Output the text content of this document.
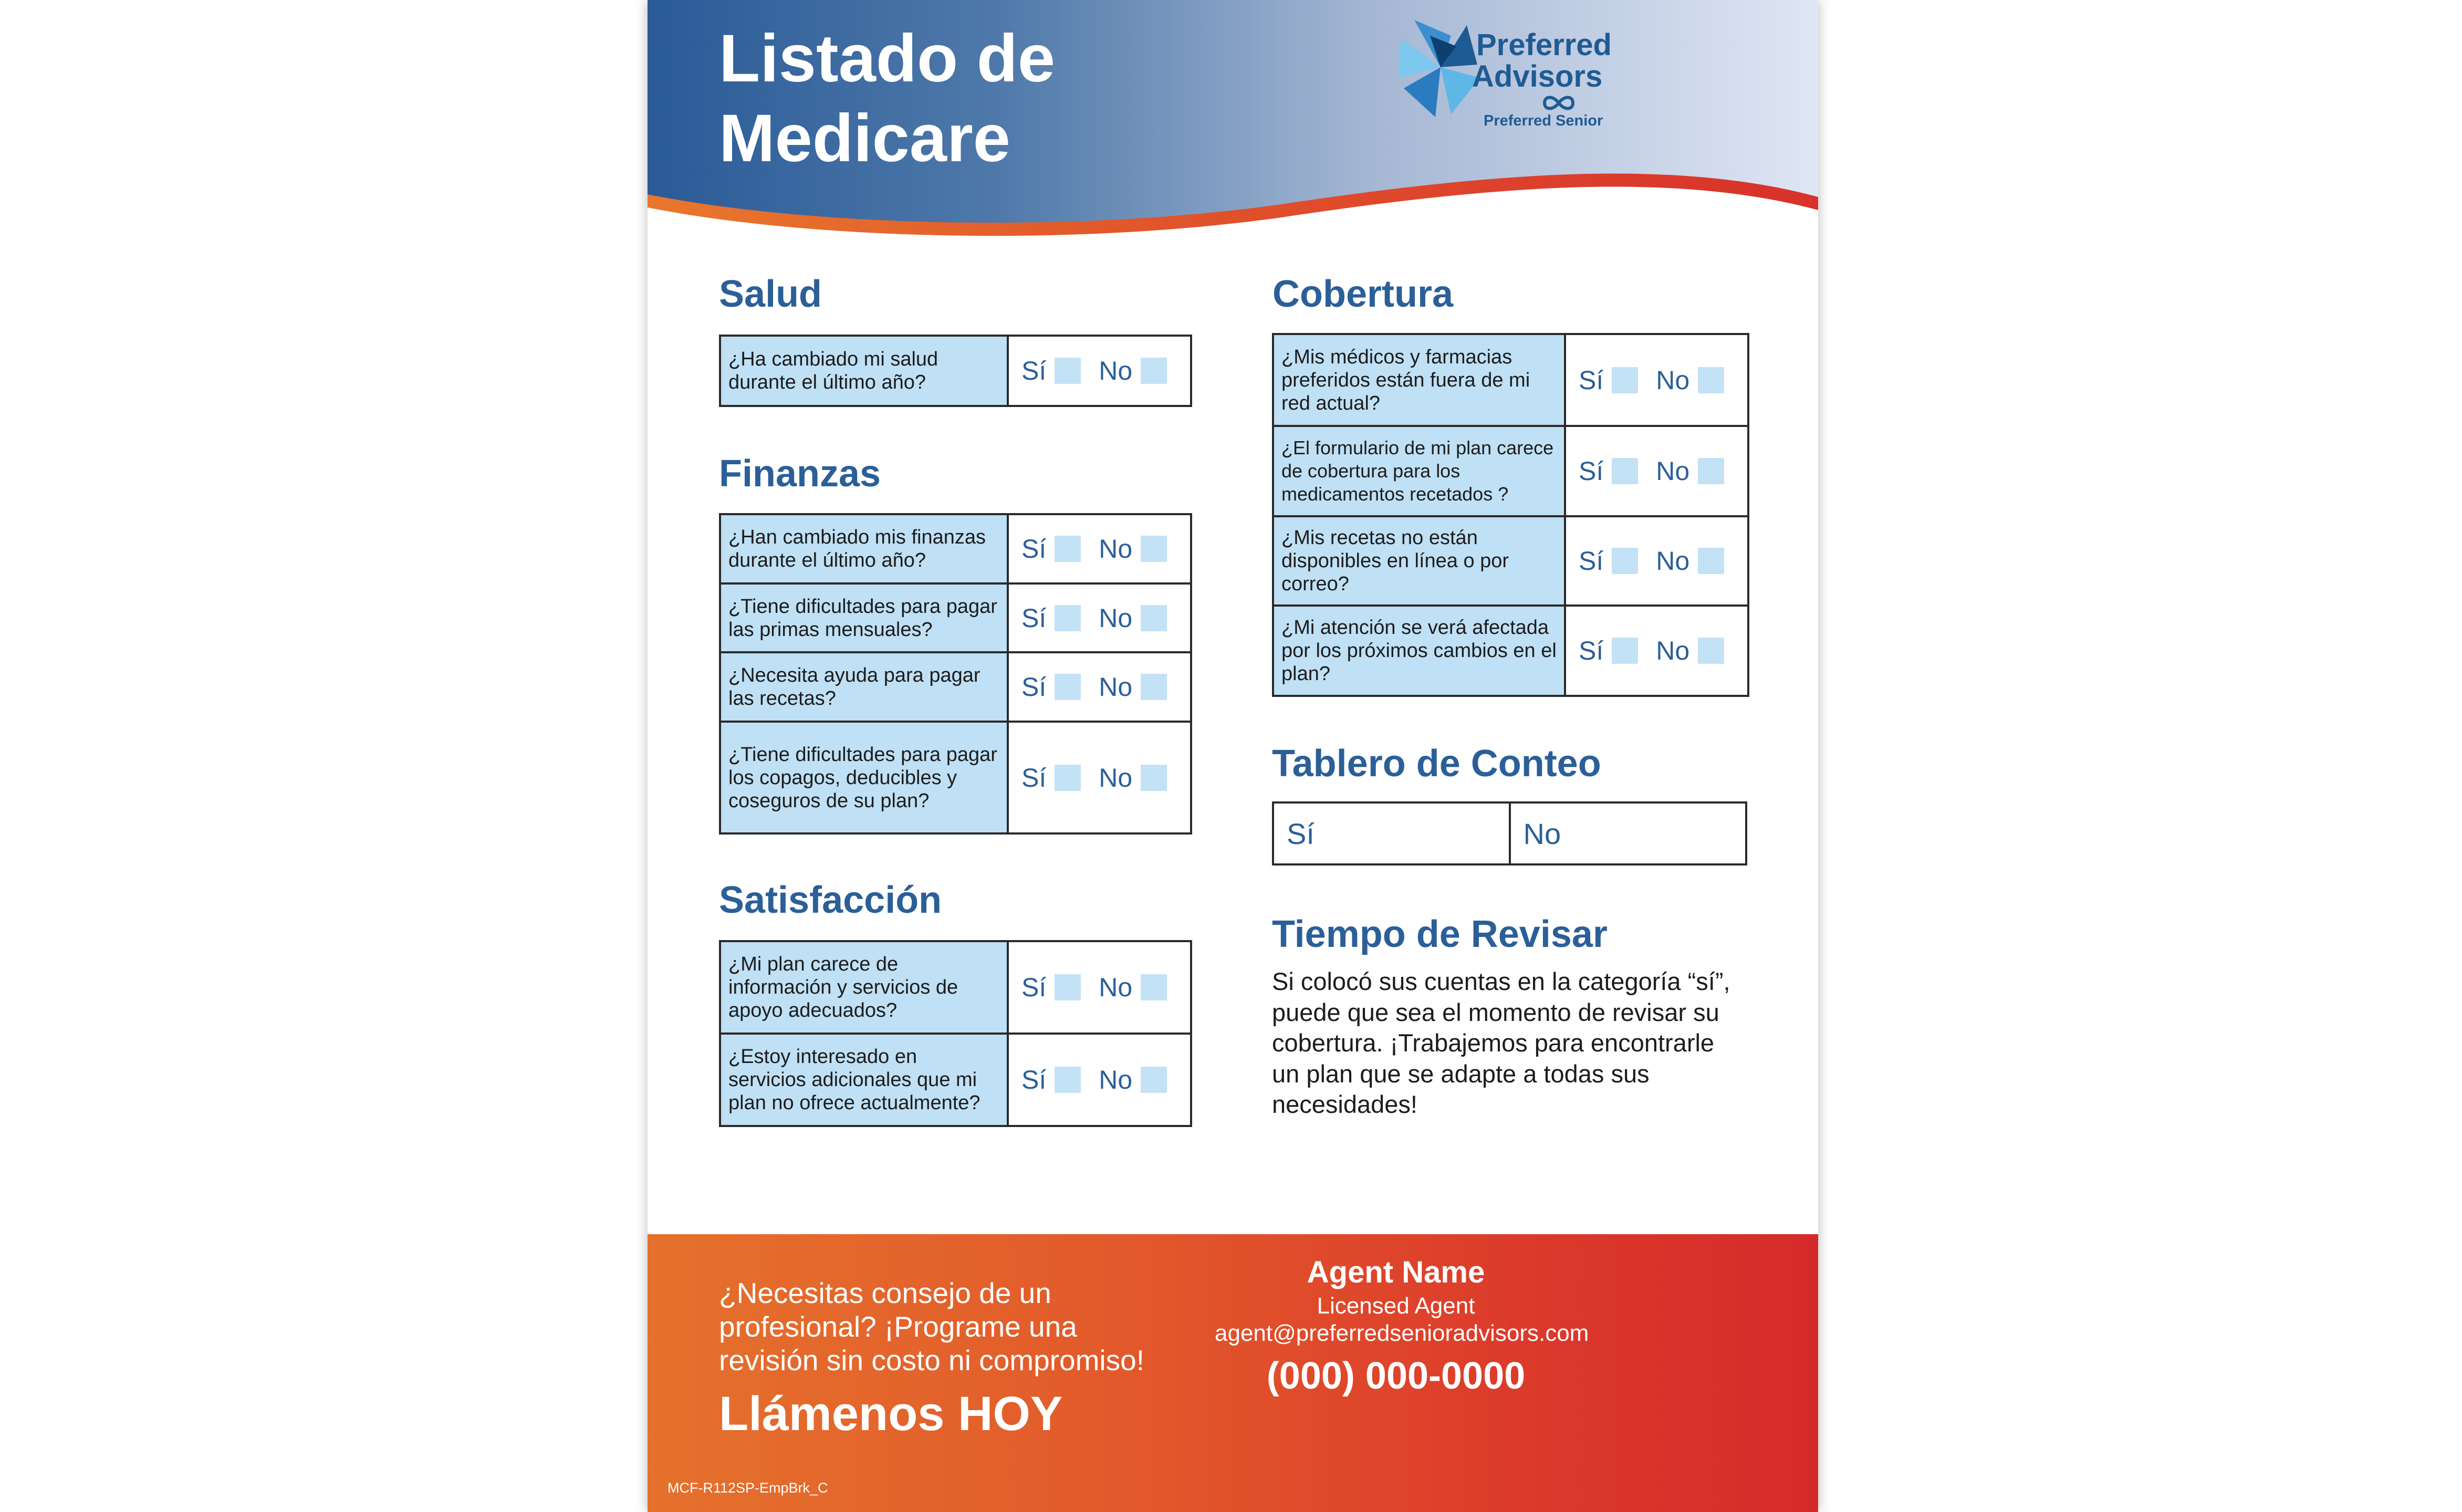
Listado de
Medicare
Preferred
Advisors
Preferred Senior
Salud
¿Ha cambiado mi salud durante el último año?	Sí No
Finanzas
¿Han cambiado mis finanzas durante el último año?	Sí No

¿Tiene dificultades para pagar las primas mensuales?	Sí No

¿Necesita ayuda para pagar las recetas?	Sí No

¿Tiene dificultades para pagar los copagos, deducibles y coseguros de su plan?	Sí No
Satisfacción
¿Mi plan carece de información y servicios de apoyo adecuados?	Sí No

¿Estoy interesado en servicios adicionales que mi plan no ofrece actualmente?	Sí No
Cobertura
¿Mis médicos y farmacias preferidos están fuera de mi red actual?	Sí No

¿El formulario de mi plan carece de cobertura para los medicamentos recetados ?	Sí No

¿Mis recetas no están disponibles en línea o por correo?	Sí No

¿Mi atención se verá afectada por los próximos cambios en el plan?	Sí No
Tablero de Conteo
Sí	No
Tiempo de Revisar

Si colocó sus cuentas en la categoría “sí”, puede que sea el momento de revisar su cobertura. ¡Trabajemos para encontrarle un plan que se adapte a todas sus necesidades!

¿Necesitas consejo de un profesional? ¡Programe una revisión sin costo ni compromiso!

Llámenos HOY

Agent Name
Licensed Agent
agent@preferredsenioradvisors.com
(000) 000-0000
MCF-R112SP-EmpBrk_C
